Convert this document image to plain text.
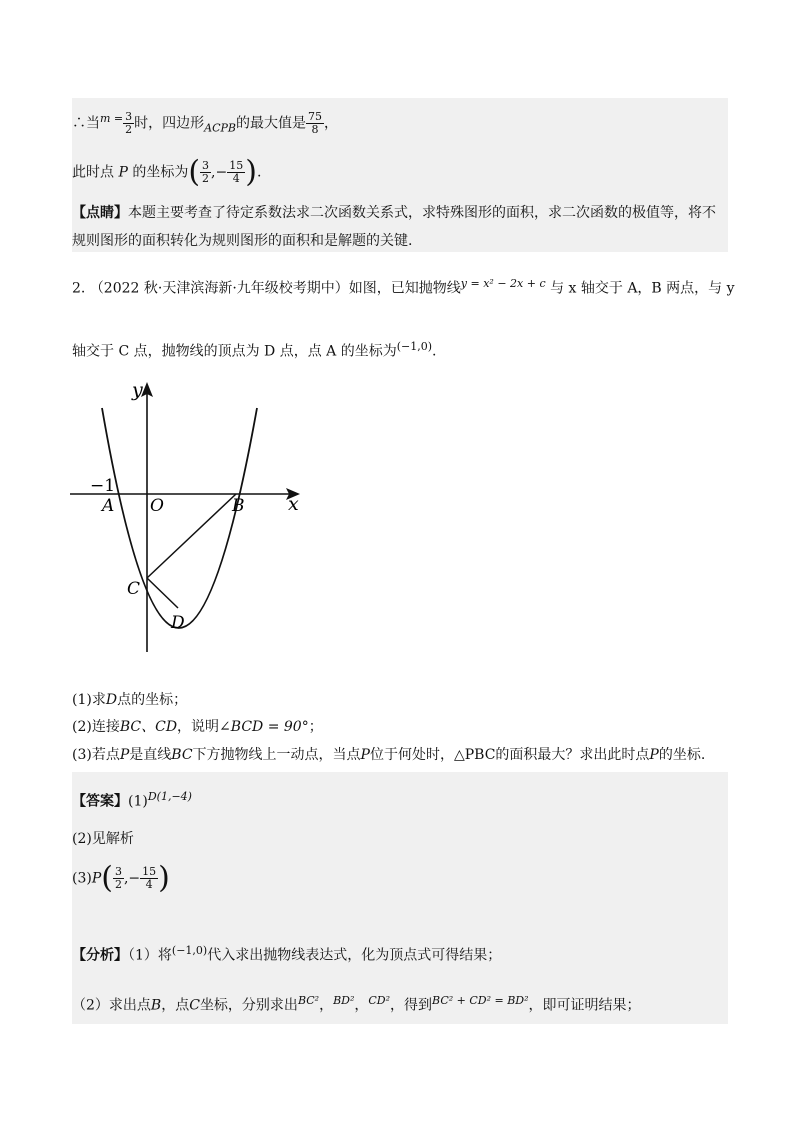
∴当$^{m =} \frac{3}{2}$ 时，四边形$_{ACPB}$的最大值是 $\frac{75}{8}$ ，
此时点 P 的坐标为( $\frac{3}{2}$ ,− $\frac{15}{4}$ ).
【点睛】本题主要考查了待定系数法求二次函数关系式，求特殊图形的面积，求二次函数的极值等，将不
规则图形的面积转化为规则图形的面积和是解题的关键.
2. （2022 秋·天津滨海新·九年级校考期中）如图，已知抛物线$^{y = x^2 - 2x + c}$ 与 x 轴交于 A，B 两点，与 y
轴交于 C 点，抛物线的顶点为 D 点，点 A 的坐标为$^{(-1,0)}$.
y
x
−1
A O	B
C
D
(1)求D点的坐标；
(2)连接BC、CD，说明∠BCD = 90°；
(3)若点P是直线BC下方抛物线上一动点，当点P位于何处时，△PBC的面积最大？求出此时点P的坐标.
【答案】$(1)^{D(1,-4)}$
(2)见解析
$(3)P( \frac{3}{2}$ ,− $\frac{15}{4}$ )
【分析】（1）将$^{(-1,0)}$代入求出抛物线表达式，化为顶点式可得结果；
（2）求出点B，点C坐标，分别求出$^{BC^2}$，$^{BD^2}$，$^{CD^2}$，得到$^{BC^2 + CD^2 = BD^2}$，即可证明结果；
